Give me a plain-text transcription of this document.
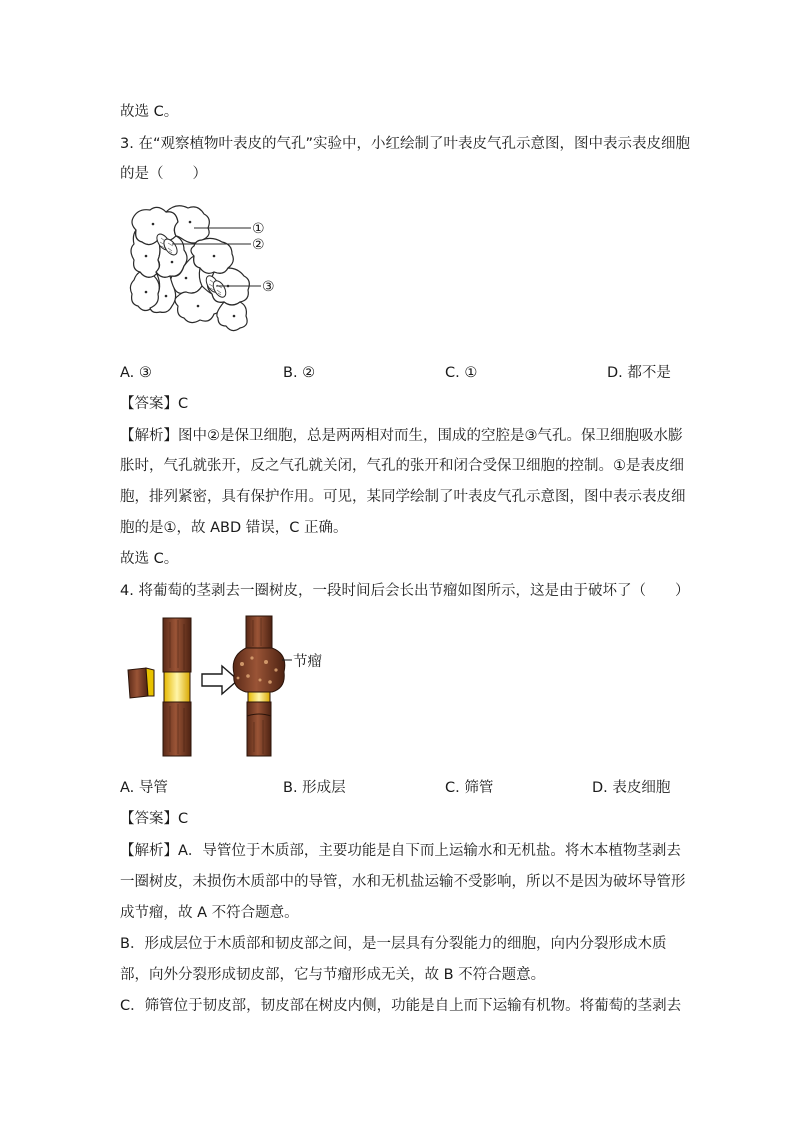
故选 C。
3. 在“观察植物叶表皮的气孔”实验中，小红绘制了叶表皮气孔示意图，图中表示表皮细胞
的是（　　）
①
②
③
A. ③	B. ②	C. ①	D. 都不是
【答案】C
【解析】图中②是保卫细胞，总是两两相对而生，围成的空腔是③气孔。保卫细胞吸水膨
胀时，气孔就张开，反之气孔就关闭，气孔的张开和闭合受保卫细胞的控制。①是表皮细
胞，排列紧密，具有保护作用。可见，某同学绘制了叶表皮气孔示意图，图中表示表皮细
胞的是①，故 ABD 错误，C 正确。
故选 C。
4. 将葡萄的茎剥去一圈树皮，一段时间后会长出节瘤如图所示，这是由于破坏了（　　）
节瘤
A. 导管	B. 形成层	C. 筛管	D. 表皮细胞
【答案】C
【解析】A．导管位于木质部，主要功能是自下而上运输水和无机盐。将木本植物茎剥去
一圈树皮，未损伤木质部中的导管，水和无机盐运输不受影响，所以不是因为破坏导管形
成节瘤，故 A 不符合题意。
B．形成层位于木质部和韧皮部之间，是一层具有分裂能力的细胞，向内分裂形成木质
部，向外分裂形成韧皮部，它与节瘤形成无关，故 B 不符合题意。
C．筛管位于韧皮部，韧皮部在树皮内侧，功能是自上而下运输有机物。将葡萄的茎剥去
